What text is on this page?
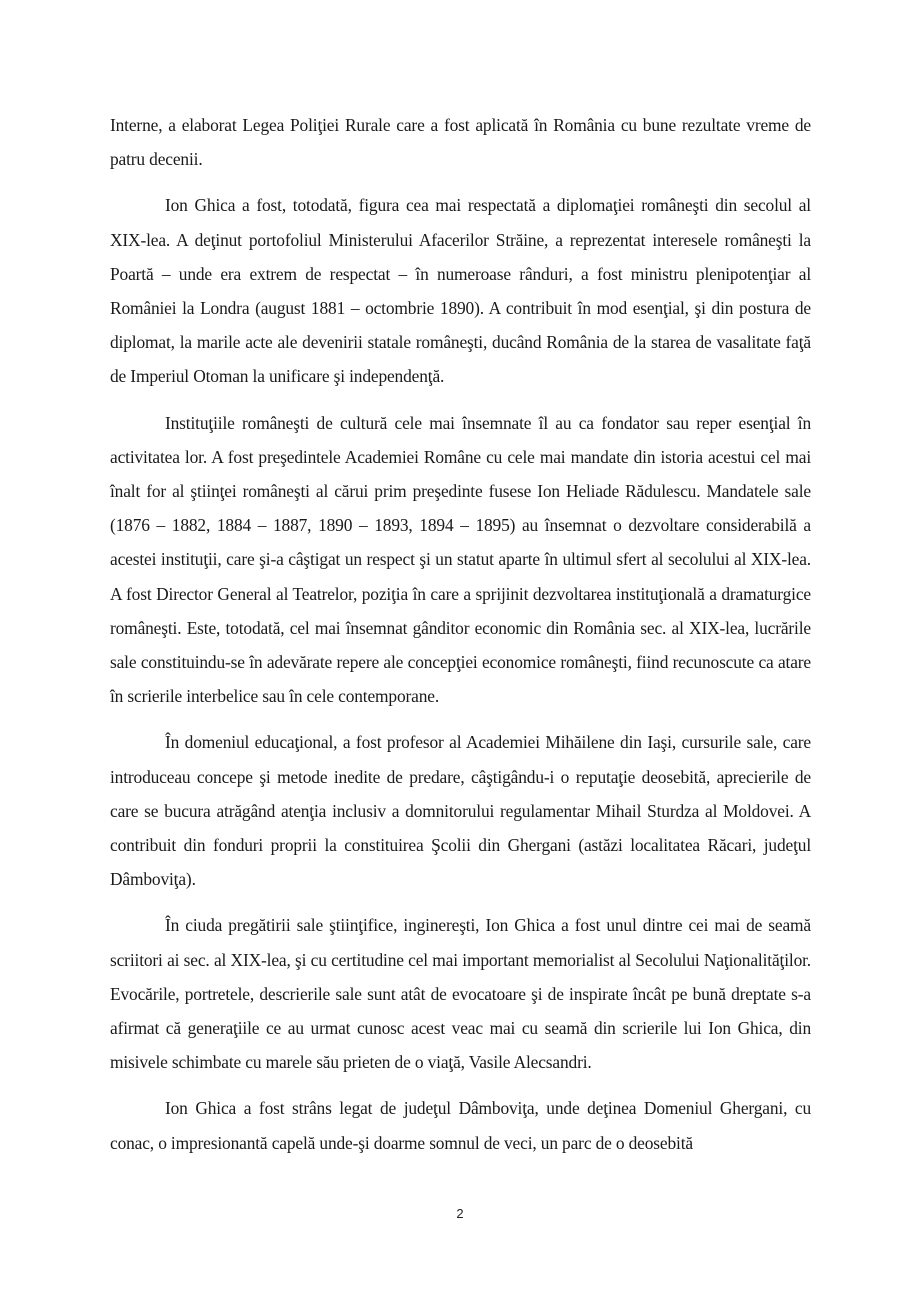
Interne, a elaborat Legea Poliţiei Rurale care a fost aplicată în România cu bune rezultate vreme de patru decenii.

Ion Ghica a fost, totodată, figura cea mai respectată a diplomaţiei româneşti din secolul al XIX-lea. A deţinut portofoliul Ministerului Afacerilor Străine, a reprezentat interesele româneşti la Poartă – unde era extrem de respectat – în numeroase rânduri, a fost ministru plenipotenţiar al României la Londra (august 1881 – octombrie 1890). A contribuit în mod esenţial, şi din postura de diplomat, la marile acte ale devenirii statale româneşti, ducând România de la starea de vasalitate faţă de Imperiul Otoman la unificare şi independenţă.

Instituţiile româneşti de cultură cele mai însemnate îl au ca fondator sau reper esenţial în activitatea lor. A fost preşedintele Academiei Române cu cele mai mandate din istoria acestui cel mai înalt for al ştiinţei româneşti al cărui prim preşedinte fusese Ion Heliade Rădulescu. Mandatele sale (1876 – 1882, 1884 – 1887, 1890 – 1893, 1894 – 1895) au însemnat o dezvoltare considerabilă a acestei instituţii, care şi-a câştigat un respect şi un statut aparte în ultimul sfert al secolului al XIX-lea. A fost Director General al Teatrelor, poziţia în care a sprijinit dezvoltarea instituţională a dramaturgice româneşti. Este, totodată, cel mai însemnat gânditor economic din România sec. al XIX-lea, lucrările sale constituindu-se în adevărate repere ale concepţiei economice româneşti, fiind recunoscute ca atare în scrierile interbelice sau în cele contemporane.

În domeniul educaţional, a fost profesor al Academiei Mihăilene din Iaşi, cursurile sale, care introduceau concepe şi metode inedite de predare, câştigându-i o reputaţie deosebită, aprecierile de care se bucura atrăgând atenţia inclusiv a domnitorului regulamentar Mihail Sturdza al Moldovei. A contribuit din fonduri proprii la constituirea Şcolii din Ghergani (astăzi localitatea Răcari, judeţul Dâmboviţa).

În ciuda pregătirii sale ştiinţifice, inginereşti, Ion Ghica a fost unul dintre cei mai de seamă scriitori ai sec. al XIX-lea, şi cu certitudine cel mai important memorialist al Secolului Naţionalităţilor. Evocările, portretele, descrierile sale sunt atât de evocatoare şi de inspirate încât pe bună dreptate s-a afirmat că generaţiile ce au urmat cunosc acest veac mai cu seamă din scrierile lui Ion Ghica, din misivele schimbate cu marele său prieten de o viaţă, Vasile Alecsandri.

Ion Ghica a fost strâns legat de judeţul Dâmboviţa, unde deţinea Domeniul Ghergani, cu conac, o impresionantă capelă unde-şi doarme somnul de veci, un parc de o deosebită

2
